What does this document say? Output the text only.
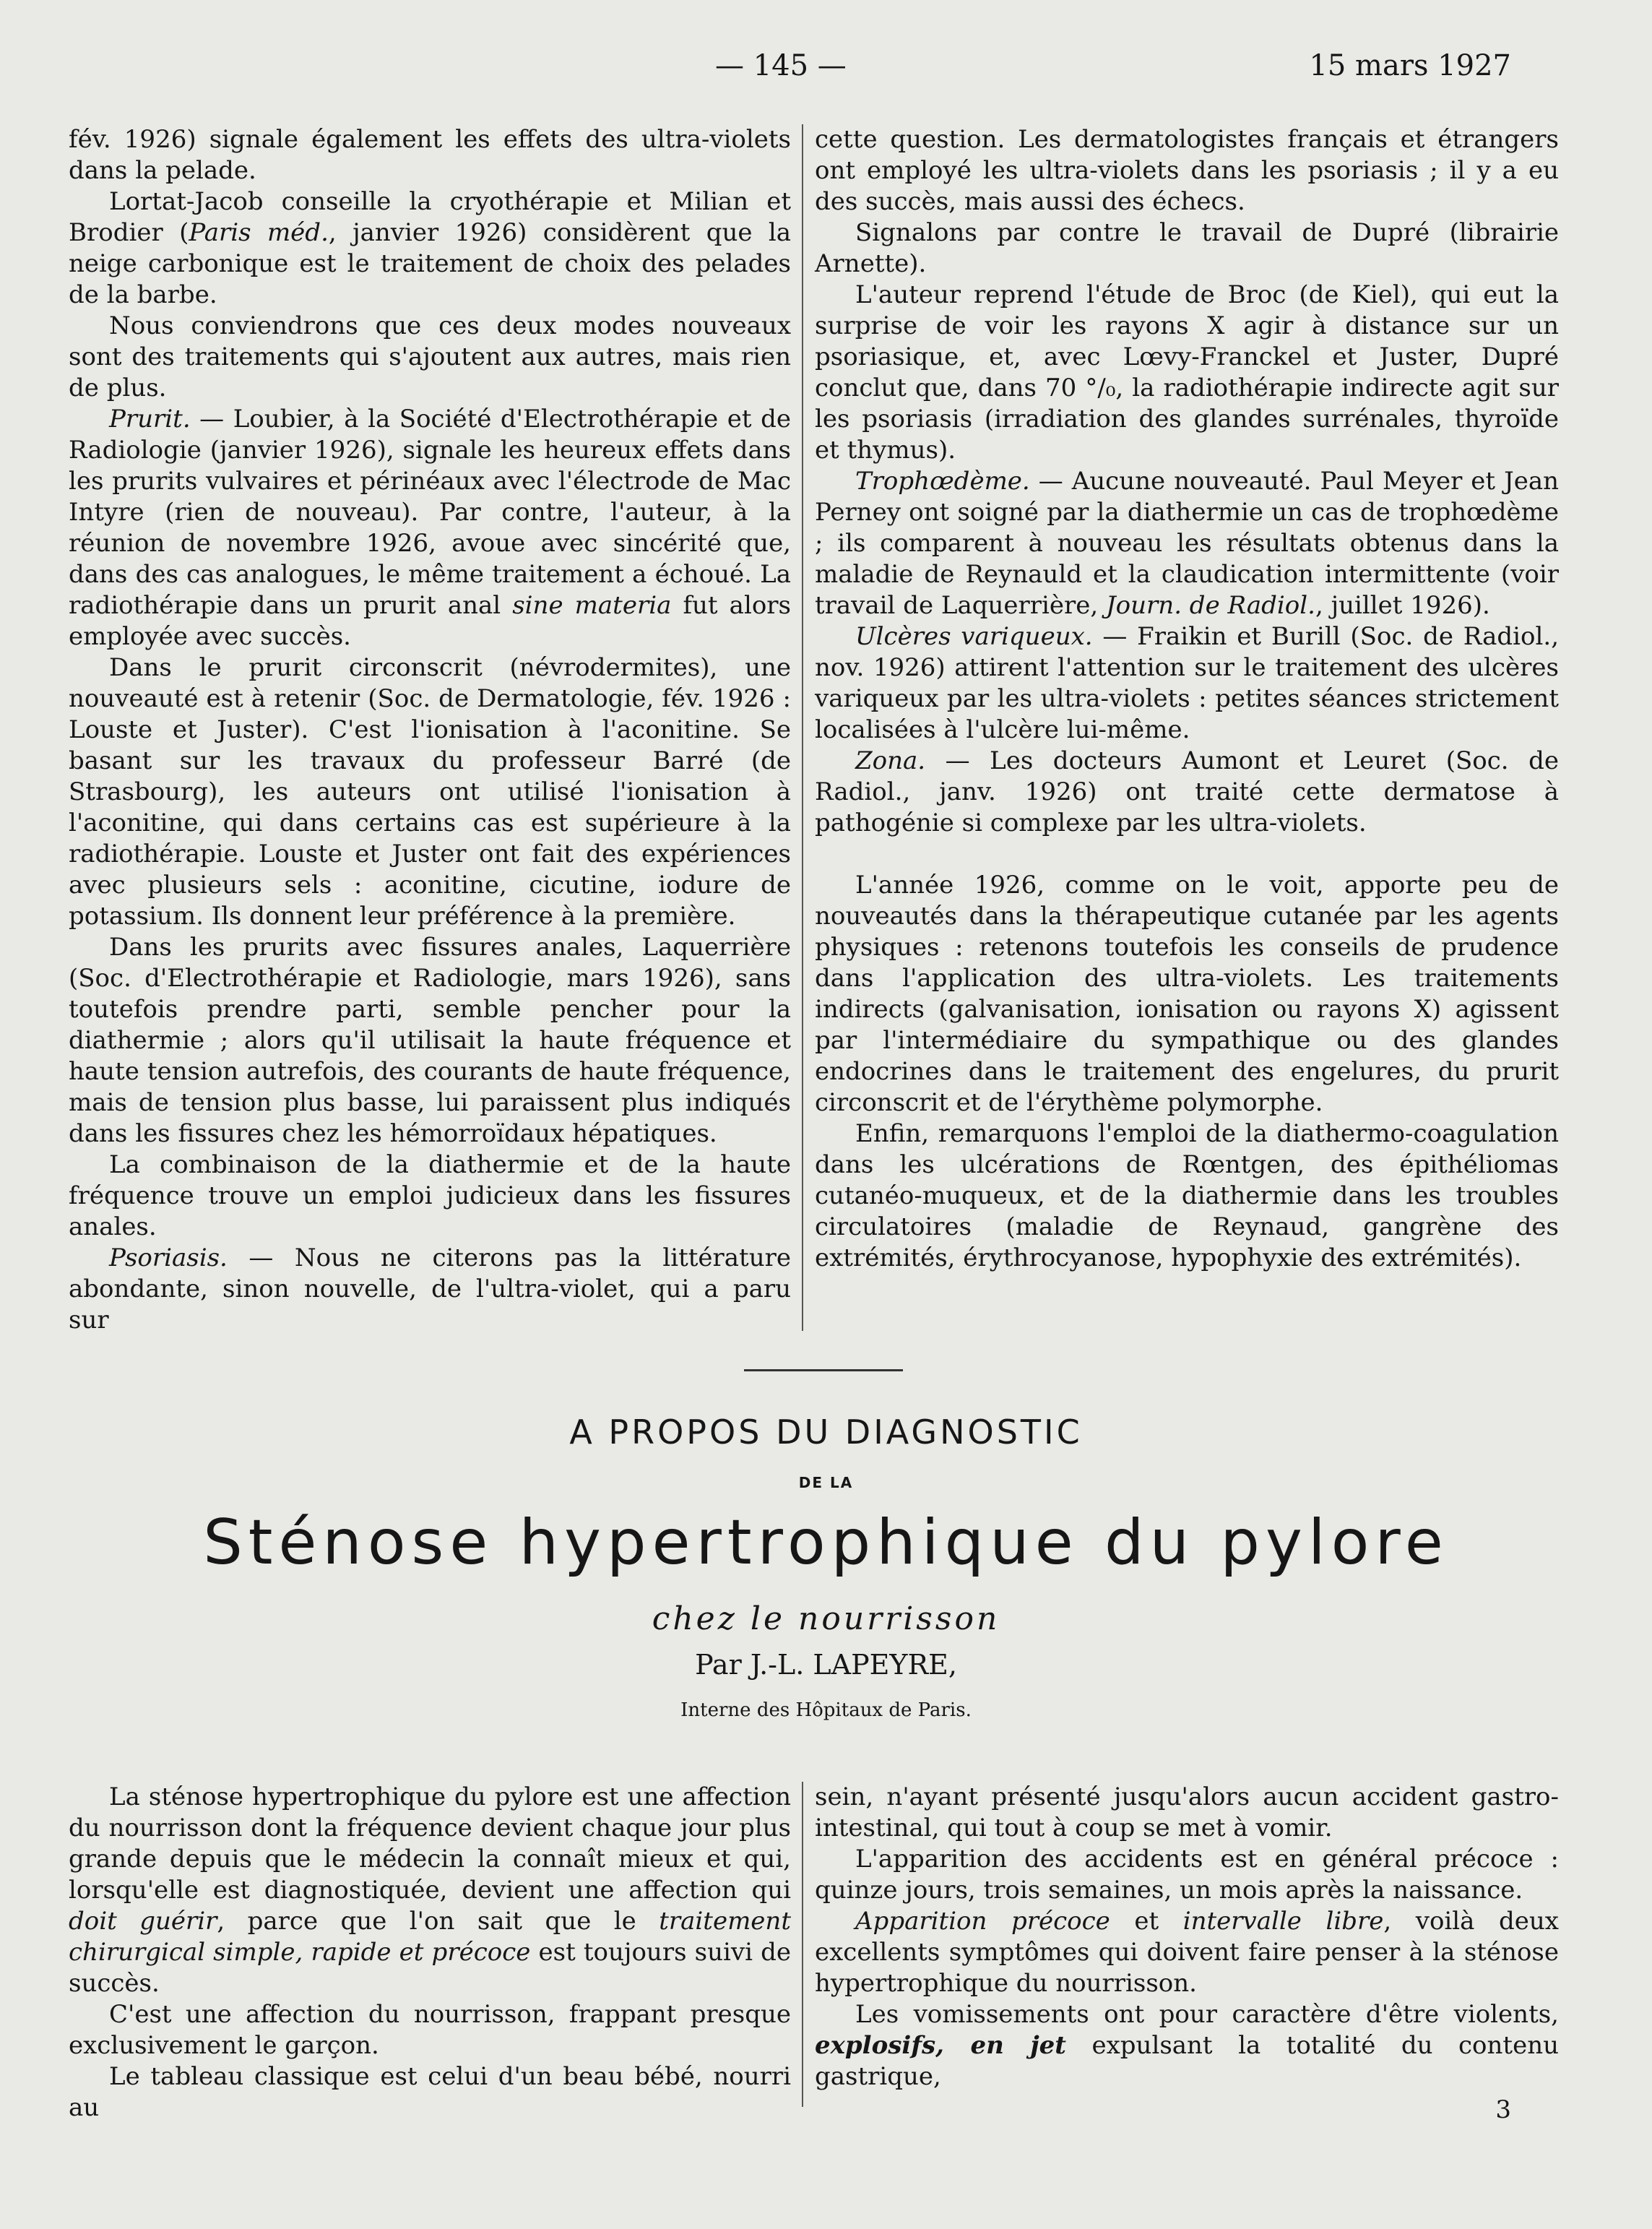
— 145 —	15 mars 1927

fév. 1926) signale également les effets des ultra-violets dans la pelade.

Lortat-Jacob conseille la cryothérapie et Milian et Brodier (Paris méd., janvier 1926) considèrent que la neige carbonique est le traitement de choix des pelades de la barbe.

Nous conviendrons que ces deux modes nouveaux sont des traitements qui s'ajoutent aux autres, mais rien de plus.

Prurit. — Loubier, à la Société d'Electrothérapie et de Radiologie (janvier 1926), signale les heureux effets dans les prurits vulvaires et périnéaux avec l'électrode de Mac Intyre (rien de nouveau). Par contre, l'auteur, à la réunion de novembre 1926, avoue avec sincérité que, dans des cas analogues, le même traitement a échoué. La radiothérapie dans un prurit anal sine materia fut alors employée avec succès.

Dans le prurit circonscrit (névrodermites), une nouveauté est à retenir (Soc. de Dermatologie, fév. 1926 : Louste et Juster). C'est l'ionisation à l'aconitine. Se basant sur les travaux du professeur Barré (de Strasbourg), les auteurs ont utilisé l'ionisation à l'aconitine, qui dans certains cas est supérieure à la radiothérapie. Louste et Juster ont fait des expériences avec plusieurs sels : aconitine, cicutine, iodure de potassium. Ils donnent leur préférence à la première.

Dans les prurits avec fissures anales, Laquerrière (Soc. d'Electrothérapie et Radiologie, mars 1926), sans toutefois prendre parti, semble pencher pour la diathermie ; alors qu'il utilisait la haute fréquence et haute tension autrefois, des courants de haute fréquence, mais de tension plus basse, lui paraissent plus indiqués dans les fissures chez les hémorroïdaux hépatiques.

La combinaison de la diathermie et de la haute fréquence trouve un emploi judicieux dans les fissures anales.

Psoriasis. — Nous ne citerons pas la littérature abondante, sinon nouvelle, de l'ultra-violet, qui a paru sur

cette question. Les dermatologistes français et étrangers ont employé les ultra-violets dans les psoriasis ; il y a eu des succès, mais aussi des échecs.

Signalons par contre le travail de Dupré (librairie Arnette).

L'auteur reprend l'étude de Broc (de Kiel), qui eut la surprise de voir les rayons X agir à distance sur un psoriasique, et, avec Lœvy-Franckel et Juster, Dupré conclut que, dans 70 °/₀, la radiothérapie indirecte agit sur les psoriasis (irradiation des glandes surrénales, thyroïde et thymus).

Trophœdème. — Aucune nouveauté. Paul Meyer et Jean Perney ont soigné par la diathermie un cas de trophœdème ; ils comparent à nouveau les résultats obtenus dans la maladie de Reynauld et la claudication intermittente (voir travail de Laquerrière, Journ. de Radiol., juillet 1926).

Ulcères variqueux. — Fraikin et Burill (Soc. de Radiol., nov. 1926) attirent l'attention sur le traitement des ulcères variqueux par les ultra-violets : petites séances strictement localisées à l'ulcère lui-même.

Zona. — Les docteurs Aumont et Leuret (Soc. de Radiol., janv. 1926) ont traité cette dermatose à pathogénie si complexe par les ultra-violets.

L'année 1926, comme on le voit, apporte peu de nouveautés dans la thérapeutique cutanée par les agents physiques : retenons toutefois les conseils de prudence dans l'application des ultra-violets. Les traitements indirects (galvanisation, ionisation ou rayons X) agissent par l'intermédiaire du sympathique ou des glandes endocrines dans le traitement des engelures, du prurit circonscrit et de l'érythème polymorphe.

Enfin, remarquons l'emploi de la diathermo-coagulation dans les ulcérations de Rœntgen, des épithéliomas cutanéo-muqueux, et de la diathermie dans les troubles circulatoires (maladie de Reynaud, gangrène des extrémités, érythrocyanose, hypophyxie des extrémités).

A PROPOS DU DIAGNOSTIC
DE LA
Sténose hypertrophique du pylore
chez le nourrisson
Par J.-L. LAPEYRE,
Interne des Hôpitaux de Paris.

La sténose hypertrophique du pylore est une affection du nourrisson dont la fréquence devient chaque jour plus grande depuis que le médecin la connaît mieux et qui, lorsqu'elle est diagnostiquée, devient une affection qui doit guérir, parce que l'on sait que le traitement chirurgical simple, rapide et précoce est toujours suivi de succès.

C'est une affection du nourrisson, frappant presque exclusivement le garçon.

Le tableau classique est celui d'un beau bébé, nourri au

sein, n'ayant présenté jusqu'alors aucun accident gastro-intestinal, qui tout à coup se met à vomir.

L'apparition des accidents est en général précoce : quinze jours, trois semaines, un mois après la naissance.

Apparition précoce et intervalle libre, voilà deux excellents symptômes qui doivent faire penser à la sténose hypertrophique du nourrisson.

Les vomissements ont pour caractère d'être violents, explosifs, en jet expulsant la totalité du contenu gastrique,

3
